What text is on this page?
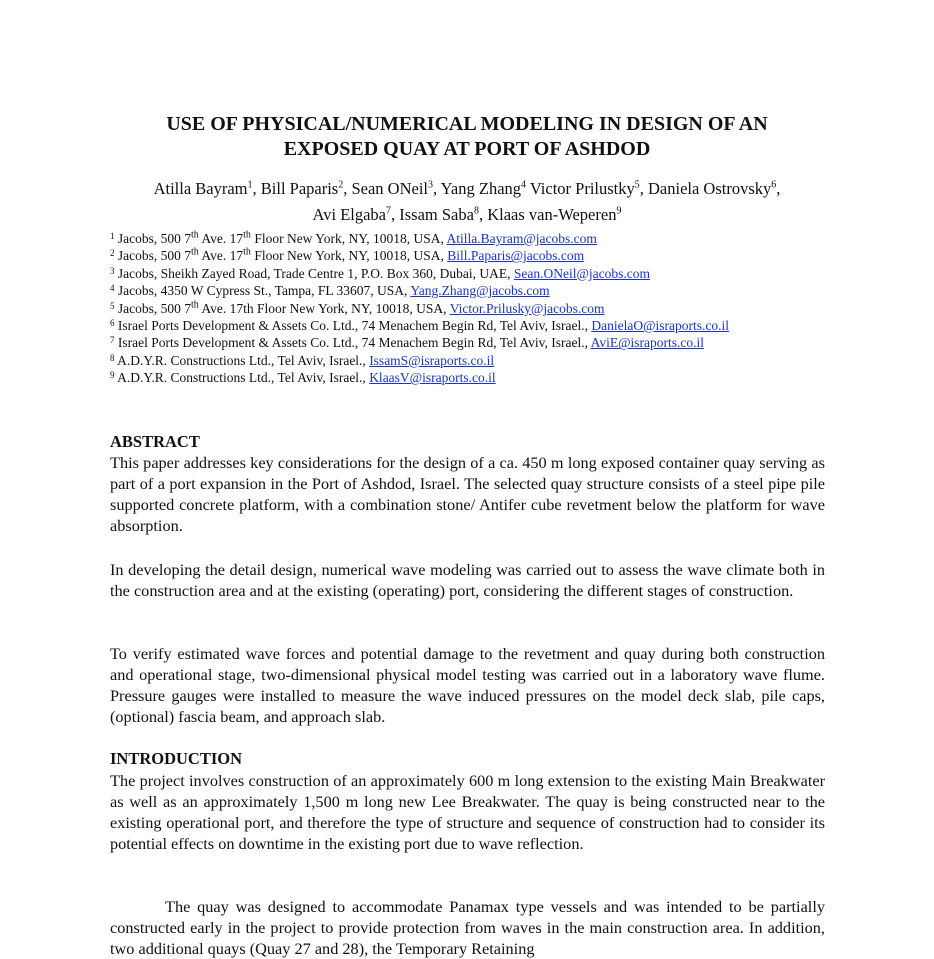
USE OF PHYSICAL/NUMERICAL MODELING IN DESIGN OF AN
EXPOSED QUAY AT PORT OF ASHDOD
Atilla Bayram$^1$, Bill Paparis$^2$, Sean ONeil$^3$, Yang Zhang$^4$ Victor Prilustky$^5$, Daniela Ostrovsky$^6$,
Avi Elgaba$^7$, Issam Saba$^8$, Klaas van-Weperen$^9$
$^1$ Jacobs, 500 7th Ave. 17th Floor New York, NY, 10018, USA, Atilla.Bayram@jacobs.com
$^2$ Jacobs, 500 7th Ave. 17th Floor New York, NY, 10018, USA, Bill.Paparis@jacobs.com
$^3$ Jacobs, Sheikh Zayed Road, Trade Centre 1, P.O. Box 360, Dubai, UAE, Sean.ONeil@jacobs.com
$^4$ Jacobs, 4350 W Cypress St., Tampa, FL 33607, USA, Yang.Zhang@jacobs.com
$^5$ Jacobs, 500 7th Ave. 17th Floor New York, NY, 10018, USA, Victor.Prilusky@jacobs.com
$^6$ Israel Ports Development & Assets Co. Ltd., 74 Menachem Begin Rd, Tel Aviv, Israel., DanielaO@israports.co.il
$^7$ Israel Ports Development & Assets Co. Ltd., 74 Menachem Begin Rd, Tel Aviv, Israel., AviE@israports.co.il
$^8$ A.D.Y.R. Constructions Ltd., Tel Aviv, Israel., IssamS@israports.co.il
$^9$ A.D.Y.R. Constructions Ltd., Tel Aviv, Israel., KlaasV@israports.co.il
ABSTRACT
This paper addresses key considerations for the design of a ca. 450 m long exposed container quay serving as part of a port expansion in the Port of Ashdod, Israel. The selected quay structure consists of a steel pipe pile supported concrete platform, with a combination stone/ Antifer cube revetment below the platform for wave absorption.
In developing the detail design, numerical wave modeling was carried out to assess the wave climate both in the construction area and at the existing (operating) port, considering the different stages of construction.
To verify estimated wave forces and potential damage to the revetment and quay during both construction and operational stage, two-dimensional physical model testing was carried out in a laboratory wave flume. Pressure gauges were installed to measure the wave induced pressures on the model deck slab, pile caps, (optional) fascia beam, and approach slab.
INTRODUCTION
The project involves construction of an approximately 600 m long extension to the existing Main Breakwater as well as an approximately 1,500 m long new Lee Breakwater. The quay is being constructed near to the existing operational port, and therefore the type of structure and sequence of construction had to consider its potential effects on downtime in the existing port due to wave reflection.
The quay was designed to accommodate Panamax type vessels and was intended to be partially constructed early in the project to provide protection from waves in the main construction area. In addition, two additional quays (Quay 27 and 28), the Temporary Retaining
